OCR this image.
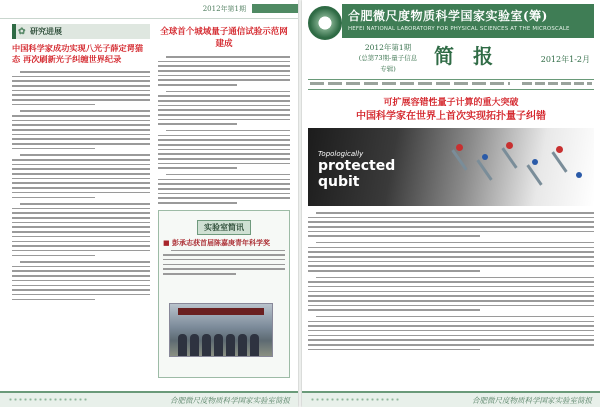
2012年第1期
✿ 研究进展
中国科学家成功实现八光子薛定谔猫态 再次刷新光子纠缠世界纪录
全球首个城域量子通信试验示范网建成
实验室简讯
■ 彭承志获首届陈嘉庚青年科学奖
合肥微尺度物质科学国家实验室简报
合肥微尺度物质科学国家实验室(筹)
HEFEI NATIONAL LABORATORY FOR PHYSICAL SCIENCES AT THE MICROSCALE
2012年第1期
(总第73期-量子信息专辑)
简 报	2012年1-2月
可扩展容错性量子计算的重大突破
中国科学家在世界上首次实现拓扑量子纠错
Topologically
protected
qubit
合肥微尺度物质科学国家实验室简报
